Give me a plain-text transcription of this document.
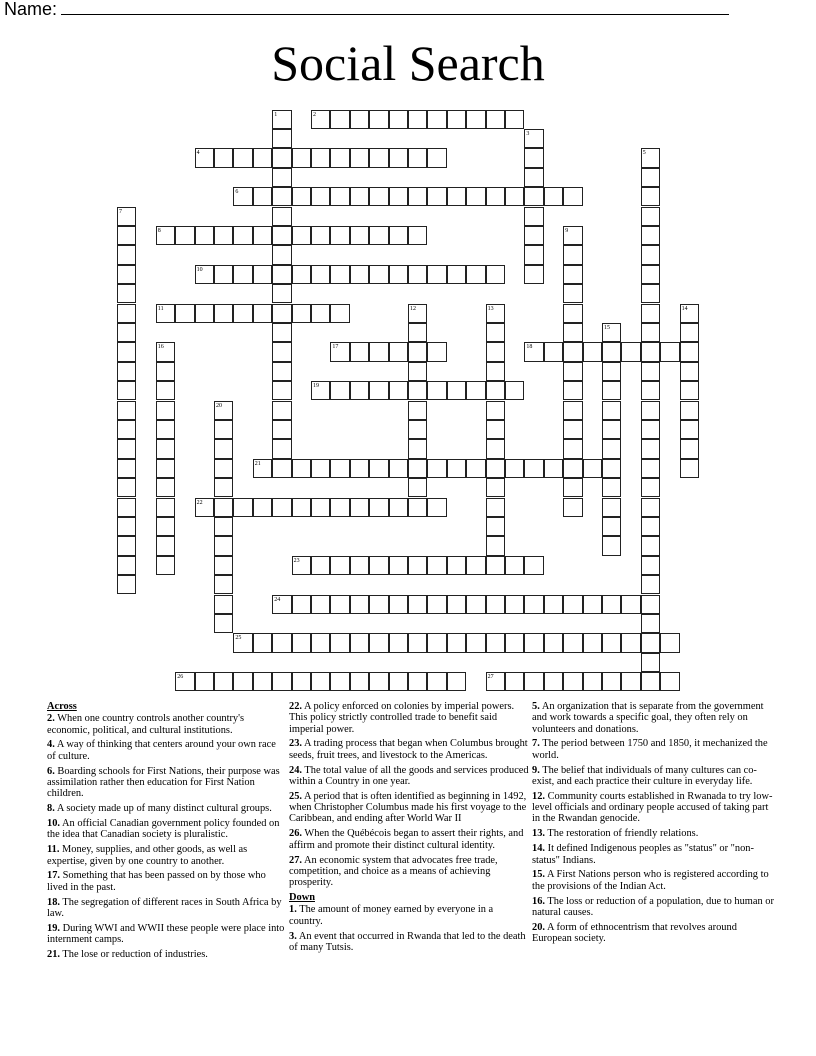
Name:
Social Search
1	2
3
4	5
6
7
8	9
10
11	12	13	14
15
16	17	18
19
20
21
22
23
24
25
26	27
Across
2. When one country controls another country's economic, political, and cultural institutions.
4. A way of thinking that centers around your own race of culture.
6. Boarding schools for First Nations, their purpose was assimilation rather then education for First Nation children.
8. A society made up of many distinct cultural groups.
10. An official Canadian government policy founded on the idea that Canadian society is pluralistic.
11. Money, supplies, and other goods, as well as expertise, given by one country to another.
17. Something that has been passed on by those who lived in the past.
18. The segregation of different races in South Africa by law.
19. During WWI and WWII these people were place into internment camps.
21. The lose or reduction of industries.
22. A policy enforced on colonies by imperial powers. This policy strictly controlled trade to benefit said imperial power.
23. A trading process that began when Columbus brought seeds, fruit trees, and livestock to the Americas.
24. The total value of all the goods and services produced within a Country in one year.
25. A period that is often identified as beginning in 1492, when Christopher Columbus made his first voyage to the Caribbean, and ending after World War II
26. When the Québécois began to assert their rights, and affirm and promote their distinct cultural identity.
27. An economic system that advocates free trade, competition, and choice as a means of achieving prosperity.
Down
1. The amount of money earned by everyone in a country.
3. An event that occurred in Rwanda that led to the death of many Tutsis.
5. An organization that is separate from the government and work towards a specific goal, they often rely on volunteers and donations.
7. The period between 1750 and 1850, it mechanized the world.
9. The belief that individuals of many cultures can co-exist, and each practice their culture in everyday life.
12. Community courts established in Rwanada to try low-level officials and ordinary people accused of taking part in the Rwandan genocide.
13. The restoration of friendly relations.
14. It defined Indigenous peoples as "status" or "non-status" Indians.
15. A First Nations person who is registered according to the provisions of the Indian Act.
16. The loss or reduction of a population, due to human or natural causes.
20. A form of ethnocentrism that revolves around European society.
